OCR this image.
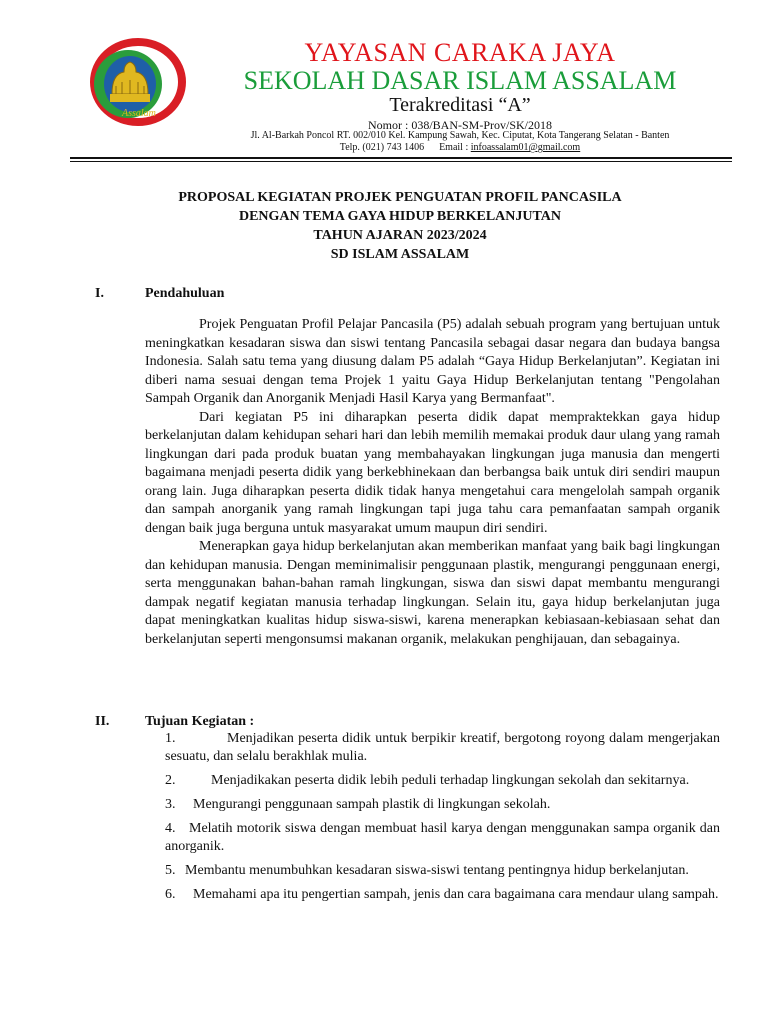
Assalam
YAYASAN CARAKA JAYA
SEKOLAH DASAR ISLAM ASSALAM
Terakreditasi “A”
Nomor : 038/BAN-SM-Prov/SK/2018
Jl. Al-Barkah Poncol RT. 002/010 Kel. Kampung Sawah, Kec. Ciputat, Kota Tangerang Selatan - Banten
Telp. (021) 743 1406 Email : infoassalam01@gmail.com
PROPOSAL KEGIATAN PROJEK PENGUATAN PROFIL PANCASILA
DENGAN TEMA GAYA HIDUP BERKELANJUTAN
TAHUN AJARAN 2023/2024
SD ISLAM ASSALAM
I.	Pendahuluan

Projek Penguatan Profil Pelajar Pancasila (P5) adalah sebuah program yang bertujuan untuk meningkatkan kesadaran siswa dan siswi tentang Pancasila sebagai dasar negara dan budaya bangsa Indonesia. Salah satu tema yang diusung dalam P5 adalah “Gaya Hidup Berkelanjutan”. Kegiatan ini diberi nama sesuai dengan tema Projek 1 yaitu Gaya Hidup Berkelanjutan tentang "Pengolahan Sampah Organik dan Anorganik Menjadi Hasil Karya yang Bermanfaat".

Dari kegiatan P5 ini diharapkan peserta didik dapat mempraktekkan gaya hidup berkelanjutan dalam kehidupan sehari hari dan lebih memilih memakai produk daur ulang yang ramah lingkungan dari pada produk buatan yang membahayakan lingkungan juga manusia dan mengerti bagaimana menjadi peserta didik yang berkebhinekaan dan berbangsa baik untuk diri sendiri maupun orang lain. Juga diharapkan peserta didik tidak hanya mengetahui cara mengelolah sampah organik dan sampah anorganik yang ramah lingkungan tapi juga tahu cara pemanfaatan sampah organik dengan baik juga berguna untuk masyarakat umum maupun diri sendiri.

Menerapkan gaya hidup berkelanjutan akan memberikan manfaat yang baik bagi lingkungan dan kehidupan manusia. Dengan meminimalisir penggunaan plastik, mengurangi penggunaan energi, serta menggunakan bahan-bahan ramah lingkungan, siswa dan siswi dapat membantu mengurangi dampak negatif kegiatan manusia terhadap lingkungan. Selain itu, gaya hidup berkelanjutan juga dapat meningkatkan kualitas hidup siswa-siswi, karena menerapkan kebiasaan-kebiasaan sehat dan berkelanjutan seperti mengonsumsi makanan organik, melakukan penghijauan, dan sebagainya.

II.	Tujuan Kegiatan :
1.	Menjadikan peserta didik untuk berpikir kreatif, bergotong royong dalam mengerjakan sesuatu, dan selalu berakhlak mulia.
2.	Menjadikakan peserta didik lebih peduli terhadap lingkungan sekolah dan sekitarnya.
3. Mengurangi penggunaan sampah plastik di lingkungan sekolah.
4. Melatih motorik siswa dengan membuat hasil karya dengan menggunakan sampa organik dan anorganik.
5. Membantu menumbuhkan kesadaran siswa-siswi tentang pentingnya hidup berkelanjutan.
6. Memahami apa itu pengertian sampah, jenis dan cara bagaimana cara mendaur ulang sampah.
